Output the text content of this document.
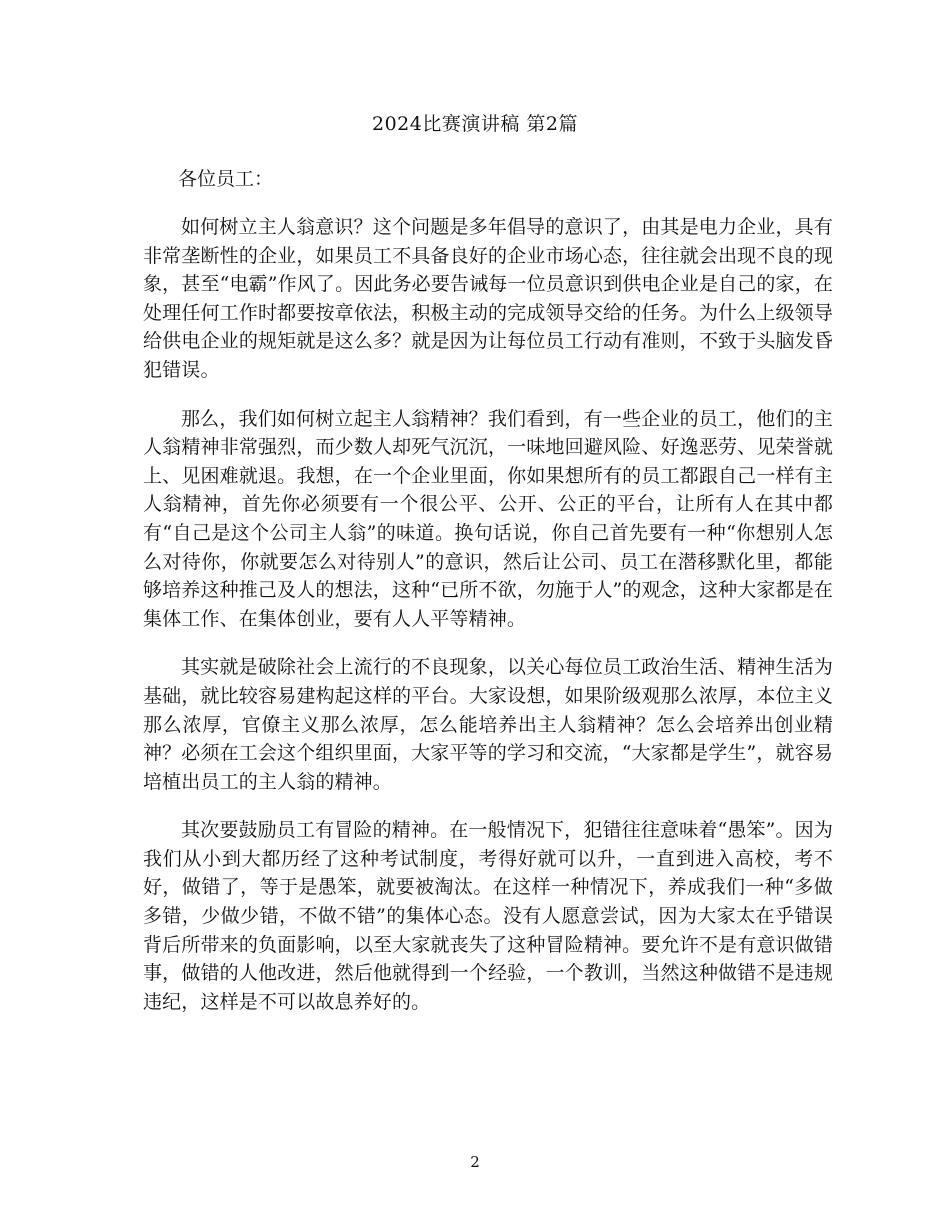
2024比赛演讲稿 第2篇
各位员工：

如何树立主人翁意识？这个问题是多年倡导的意识了，由其是电力企业，具有非常垄断性的企业，如果员工不具备良好的企业市场心态，往往就会出现不良的现象，甚至“电霸”作风了。因此务必要告诫每一位员意识到供电企业是自己的家，在处理任何工作时都要按章依法，积极主动的完成领导交给的任务。为什么上级领导给供电企业的规矩就是这么多？就是因为让每位员工行动有准则，不致于头脑发昏犯错误。

那么，我们如何树立起主人翁精神？我们看到，有一些企业的员工，他们的主人翁精神非常强烈，而少数人却死气沉沉，一味地回避风险、好逸恶劳、见荣誉就上、见困难就退。我想，在一个企业里面，你如果想所有的员工都跟自己一样有主人翁精神，首先你必须要有一个很公平、公开、公正的平台，让所有人在其中都有“自己是这个公司主人翁”的味道。换句话说，你自己首先要有一种“你想别人怎么对待你，你就要怎么对待别人”的意识，然后让公司、员工在潜移默化里，都能够培养这种推己及人的想法，这种“已所不欲，勿施于人”的观念，这种大家都是在集体工作、在集体创业，要有人人平等精神。

其实就是破除社会上流行的不良现象，以关心每位员工政治生活、精神生活为基础，就比较容易建构起这样的平台。大家设想，如果阶级观那么浓厚，本位主义那么浓厚，官僚主义那么浓厚，怎么能培养出主人翁精神？怎么会培养出创业精神？必须在工会这个组织里面，大家平等的学习和交流，“大家都是学生”，就容易培植出员工的主人翁的精神。

其次要鼓励员工有冒险的精神。在一般情况下，犯错往往意味着“愚笨”。因为我们从小到大都历经了这种考试制度，考得好就可以升，一直到进入高校，考不好，做错了，等于是愚笨，就要被淘汰。在这样一种情况下，养成我们一种“多做多错，少做少错，不做不错”的集体心态。没有人愿意尝试，因为大家太在乎错误背后所带来的负面影响，以至大家就丧失了这种冒险精神。要允许不是有意识做错事，做错的人他改进，然后他就得到一个经验，一个教训，当然这种做错不是违规违纪，这样是不可以故息养好的。

2
